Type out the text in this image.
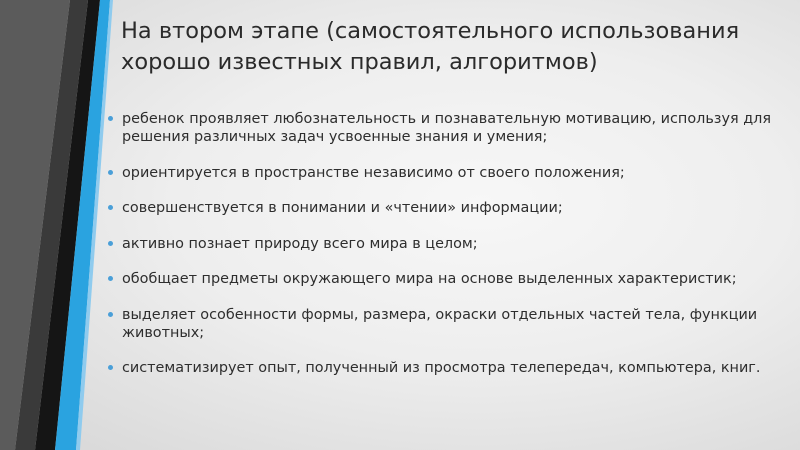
На втором этапе (самостоятельного использования хорошо известных правил, алгоритмов)
ребенок проявляет любознательность и познавательную мотивацию, используя для решения различных задач усвоенные знания и умения;
ориентируется в пространстве независимо от своего положения;
совершенствуется в понимании и «чтении» информации;
активно познает природу всего мира в целом;
обобщает предметы окружающего мира на основе выделенных характеристик;
выделяет особенности формы, размера, окраски отдельных частей тела, функции животных;
систематизирует опыт, полученный из просмотра телепередач, компьютера, книг.
